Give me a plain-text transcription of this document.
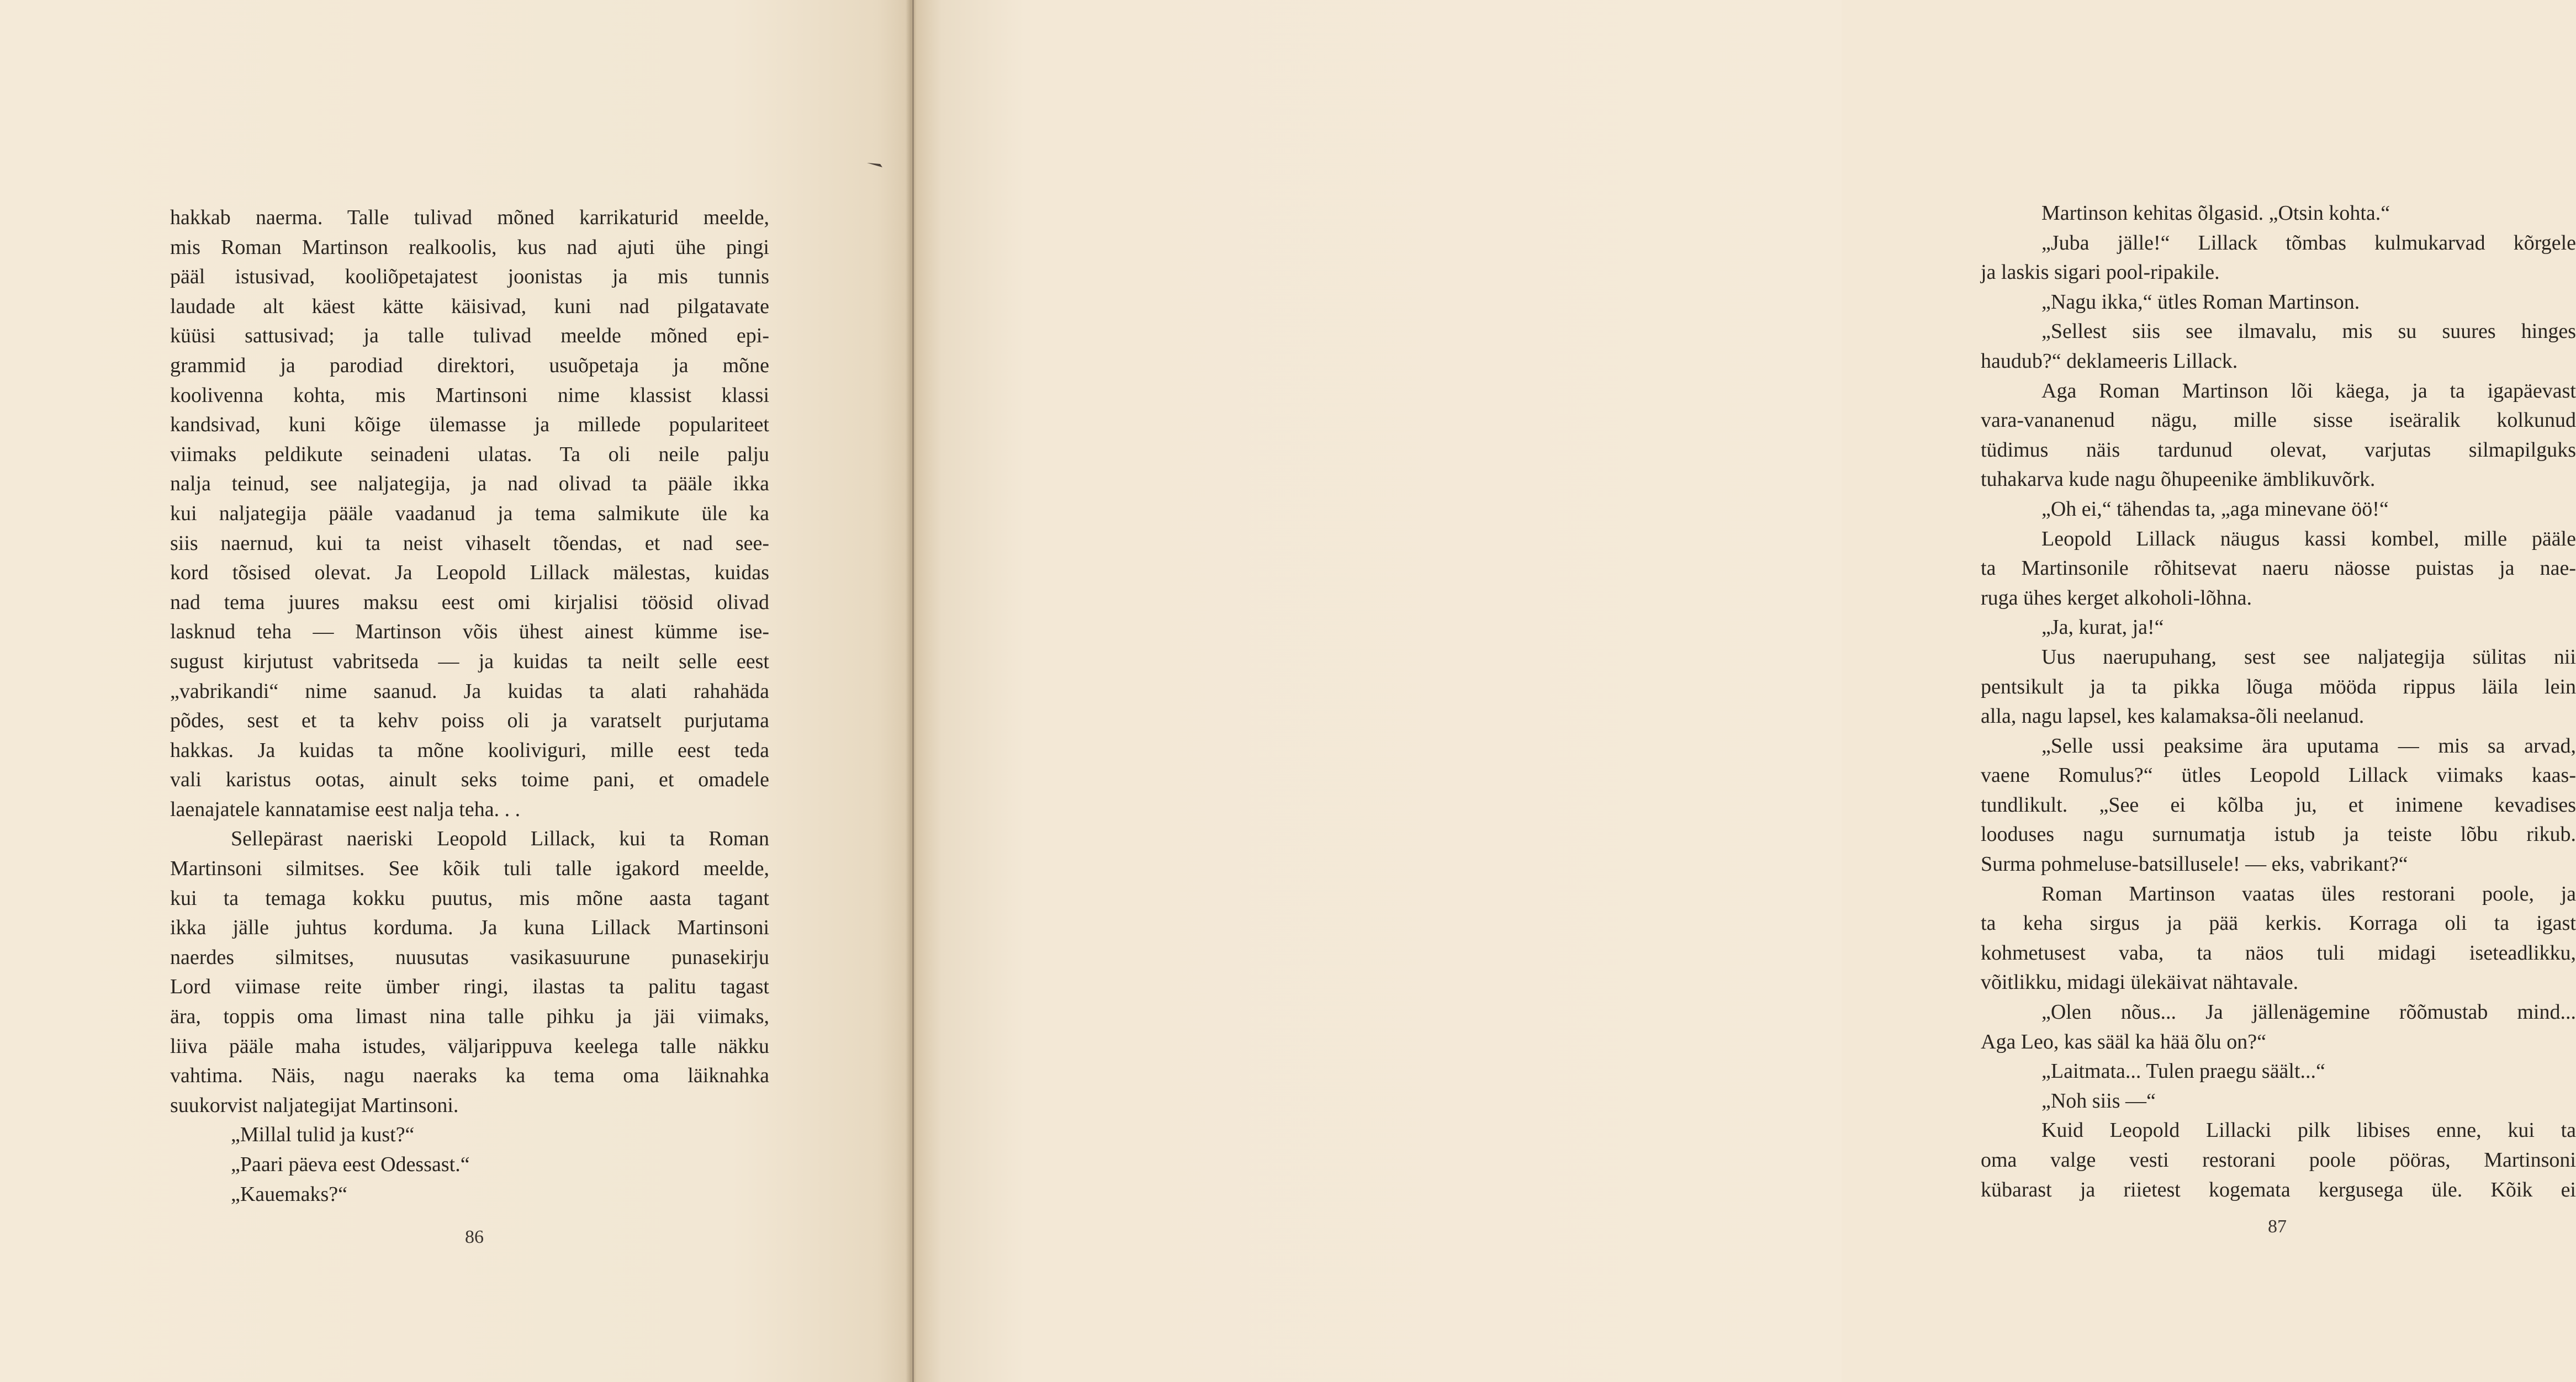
hakkab naerma. Talle tulivad mõned karrikaturid meelde,
mis Roman Martinson realkoolis, kus nad ajuti ühe pingi
pääl istusivad, kooliõpetajatest joonistas ja mis tunnis
laudade alt käest kätte käisivad, kuni nad pilgatavate
küüsi sattusivad; ja talle tulivad meelde mõned epi-
grammid ja parodiad direktori, usuõpetaja ja mõne
koolivenna kohta, mis Martinsoni nime klassist klassi
kandsivad, kuni kõige ülemasse ja millede populariteet
viimaks peldikute seinadeni ulatas. Ta oli neile palju
nalja teinud, see naljategija, ja nad olivad ta pääle ikka
kui naljategija pääle vaadanud ja tema salmikute üle ka
siis naernud, kui ta neist vihaselt tõendas, et nad see-
kord tõsised olevat. Ja Leopold Lillack mälestas, kuidas
nad tema juures maksu eest omi kirjalisi töösid olivad
lasknud teha — Martinson võis ühest ainest kümme ise-
sugust kirjutust vabritseda — ja kuidas ta neilt selle eest
„vabrikandi“ nime saanud. Ja kuidas ta alati rahahäda
põdes, sest et ta kehv poiss oli ja varatselt purjutama
hakkas. Ja kuidas ta mõne kooliviguri, mille eest teda
vali karistus ootas, ainult seks toime pani, et omadele
laenajatele kannatamise eest nalja teha. . .
Sellepärast naeriski Leopold Lillack, kui ta Roman
Martinsoni silmitses. See kõik tuli talle igakord meelde,
kui ta temaga kokku puutus, mis mõne aasta tagant
ikka jälle juhtus korduma. Ja kuna Lillack Martinsoni
naerdes silmitses, nuusutas vasikasuurune punasekirju
Lord viimase reite ümber ringi, ilastas ta palitu tagast
ära, toppis oma limast nina talle pihku ja jäi viimaks,
liiva pääle maha istudes, väljarippuva keelega talle näkku
vahtima. Näis, nagu naeraks ka tema oma läiknahka
suukorvist naljategijat Martinsoni.
„Millal tulid ja kust?“
„Paari päeva eest Odessast.“
„Kauemaks?“
86
Martinson kehitas õlgasid. „Otsin kohta.“
„Juba jälle!“ Lillack tõmbas kulmukarvad kõrgele
ja laskis sigari pool-ripakile.
„Nagu ikka,“ ütles Roman Martinson.
„Sellest siis see ilmavalu, mis su suures hinges
haudub?“ deklameeris Lillack.
Aga Roman Martinson lõi käega, ja ta igapäevast
vara-vananenud nägu, mille sisse iseäralik kolkunud
tüdimus näis tardunud olevat, varjutas silmapilguks
tuhakarva kude nagu õhupeenike ämblikuvõrk.
„Oh ei,“ tähendas ta, „aga minevane öö!“
Leopold Lillack näugus kassi kombel, mille pääle
ta Martinsonile rõhitsevat naeru näosse puistas ja nae-
ruga ühes kerget alkoholi-lõhna.
„Ja, kurat, ja!“
Uus naerupuhang, sest see naljategija sülitas nii
pentsikult ja ta pikka lõuga mööda rippus läila lein
alla, nagu lapsel, kes kalamaksa-õli neelanud.
„Selle ussi peaksime ära uputama — mis sa arvad,
vaene Romulus?“ ütles Leopold Lillack viimaks kaas-
tundlikult. „See ei kõlba ju, et inimene kevadises
looduses nagu surnumatja istub ja teiste lõbu rikub.
Surma pohmeluse-batsillusele! — eks, vabrikant?“
Roman Martinson vaatas üles restorani poole, ja
ta keha sirgus ja pää kerkis. Korraga oli ta igast
kohmetusest vaba, ta näos tuli midagi iseteadlikku,
võitlikku, midagi ülekäivat nähtavale.
„Olen nõus... Ja jällenägemine rõõmustab mind...
Aga Leo, kas sääl ka hää õlu on?“
„Laitmata... Tulen praegu säält...“
„Noh siis —“
Kuid Leopold Lillacki pilk libises enne, kui ta
oma valge vesti restorani poole pööras, Martinsoni
kübarast ja riietest kogemata kergusega üle. Kõik ei
87
